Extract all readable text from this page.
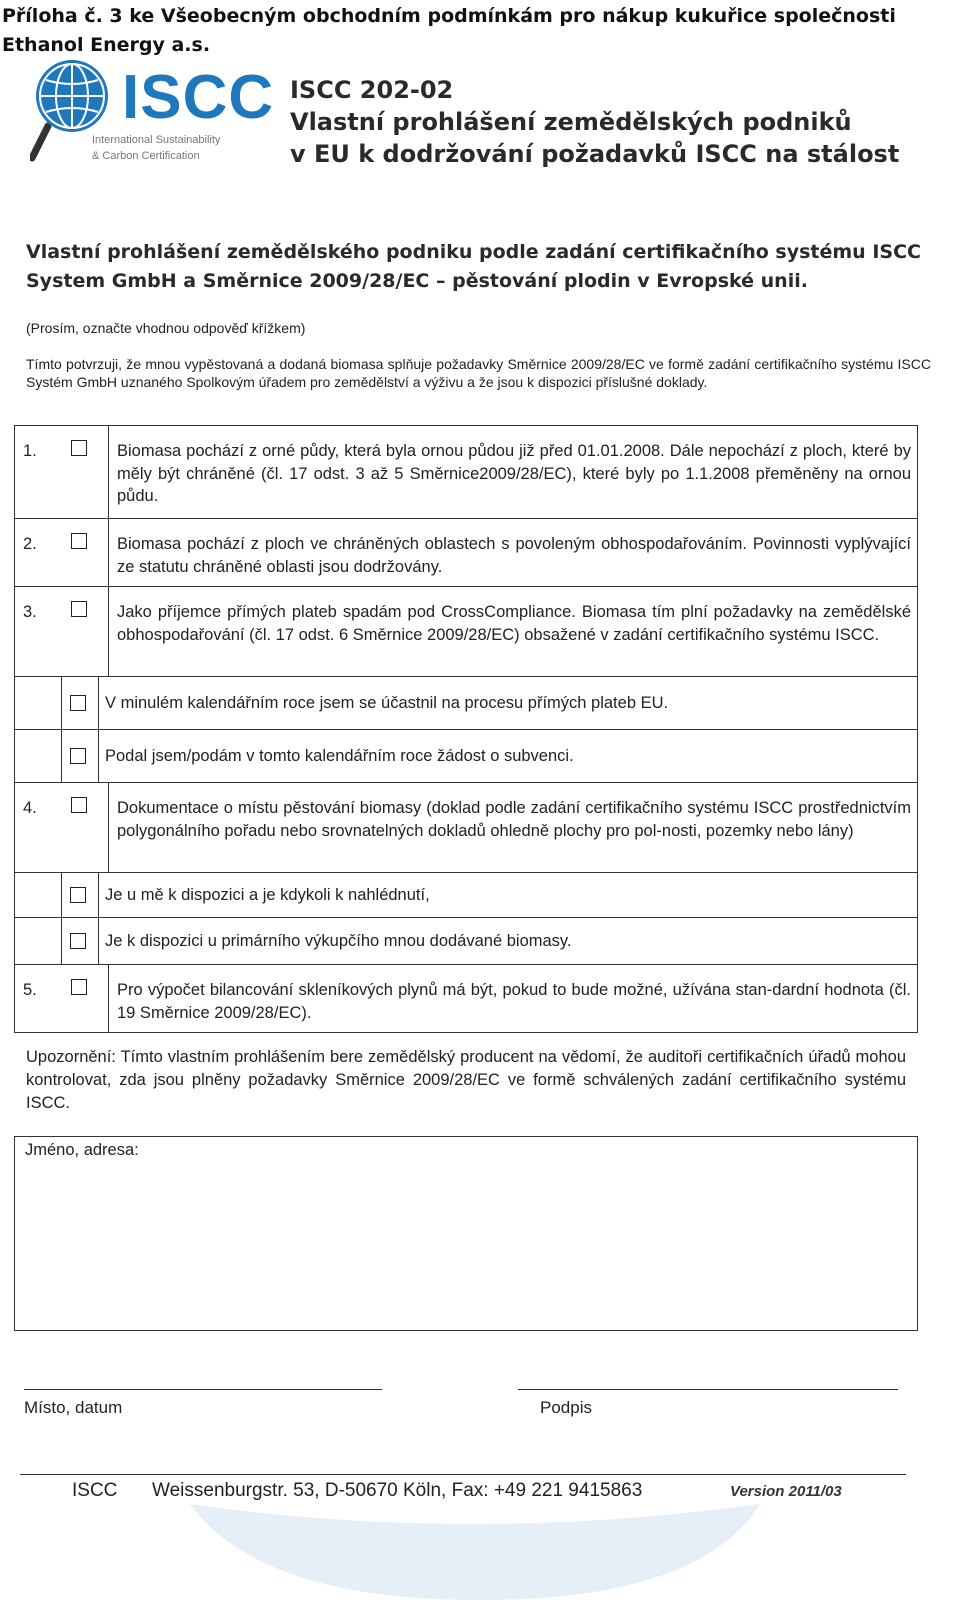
Příloha č. 3 ke Všeobecným obchodním podmínkám pro nákup kukuřice společnosti Ethanol Energy a.s.
ISCC
International Sustainability
& Carbon Certification
ISCC 202-02
Vlastní prohlášení zemědělských podniků
v EU k dodržování požadavků ISCC na stálost
Vlastní prohlášení zemědělského podniku podle zadání certifikačního systému ISCC System GmbH a Směrnice 2009/28/EC – pěstování plodin v Evropské unii.
(Prosím, označte vhodnou odpověď křížkem)
Tímto potvrzuji, že mnou vypěstovaná a dodaná biomasa splňuje požadavky Směrnice 2009/28/EC ve formě zadání certifikačního systému ISCC Systém GmbH uznaného Spolkovým úřadem pro zemědělství a výživu a že jsou k dispozici příslušné doklady.
1.		Biomasa pochází z orné půdy, která byla ornou půdou již před 01.01.2008. Dále nepochází z ploch, které by měly být chráněné (čl. 17 odst. 3 až 5 Směrnice2009/28/EC), které byly po 1.1.2008 přeměněny na ornou půdu.
2.		Biomasa pochází z ploch ve chráněných oblastech s povoleným obhospodařováním. Povinnosti vyplývající ze statutu chráněné oblasti jsou dodržovány.
3.		Jako příjemce přímých plateb spadám pod CrossCompliance. Biomasa tím plní požadavky na zemědělské obhospodařování (čl. 17 odst. 6 Směrnice 2009/28/EC) obsažené v zadání certifikačního systému ISCC.

	V minulém kalendářním roce jsem se účastnil na procesu přímých plateb EU.	

	Podal jsem/podám v tomto kalendářním roce žádost o subvenci.	

4.		Dokumentace o místu pěstování biomasy (doklad podle zadání certifikačního systému ISCC prostřednictvím polygonálního pořadu nebo srovnatelných dokladů ohledně plochy pro pol-nosti, pozemky nebo lány)

	Je u mě k dispozici a je kdykoli k nahlédnutí,	

	Je k dispozici u primárního výkupčího mnou dodávané biomasy.	

5.		Pro výpočet bilancování skleníkových plynů má být, pokud to bude možné, užívána stan-dardní hodnota (čl. 19 Směrnice 2009/28/EC).
Upozornění: Tímto vlastním prohlášením bere zemědělský producent na vědomí, že auditoři certifikačních úřadů mohou kontrolovat, zda jsou plněny požadavky Směrnice 2009/28/EC ve formě schválených zadání certifikačního systému ISCC.
Jméno, adresa:
Místo, datum	Podpis
ISCC Weissenburgstr. 53, D-50670 Köln, Fax: +49 221 9415863	Version 2011/03
